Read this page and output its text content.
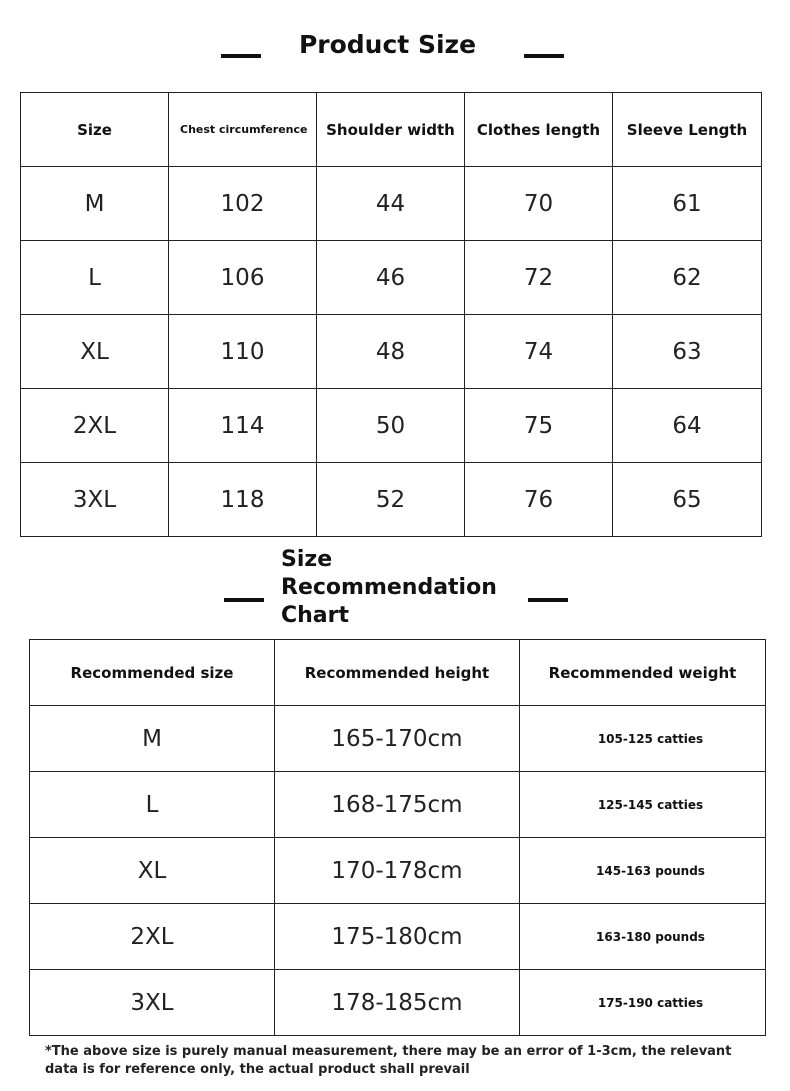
Product Size
Size	Chest circumference	Shoulder width	Clothes length	Sleeve Length
M	102	44	70	61
L	106	46	72	62
XL	110	48	74	63
2XL	114	50	75	64
3XL	118	52	76	65
Size
Recommendation
Chart
Recommended size	Recommended height	Recommended weight
M	165-170cm	105-125 catties
L	168-175cm	125-145 catties
XL	170-178cm	145-163 pounds
2XL	175-180cm	163-180 pounds
3XL	178-185cm	175-190 catties
*The above size is purely manual measurement, there may be an error of 1-3cm, the relevant data is for reference only, the actual product shall prevail
